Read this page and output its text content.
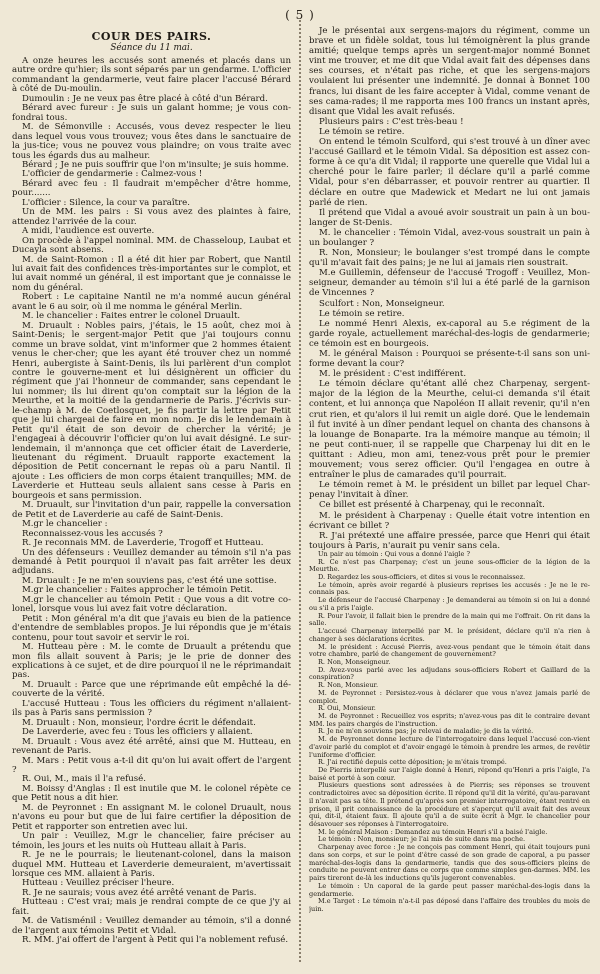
( 5 )
COUR DES PAIRS.
Séance du 11 mai.

A onze heures les accusés sont amenés et placés dans un autre ordre qu'hier; ils sont séparés par un gendarme. L'officier commandant la gendarmerie, veut faire placer l'accusé Bérard à côté de Du-moulin.

Dumoulin : Je ne veux pas être placé à côté d'un Bérard.

Bérard avec fureur : Je suis un galant homme; je vous con-fondrai tous.

M. de Sémonville : Accusés, vous devez respecter le lieu dans lequel vous vous trouvez; vous êtes dans le sanctuaire de la jus-tice; vous ne pouvez vous plaindre; on vous traite avec tous les égards dus au malheur.

Bérard ; Je ne puis souffrir que l'on m'insulte; je suis homme.

L'officier de gendarmerie : Calmez-vous !

Bérard avec feu : Il faudrait m'empêcher d'être homme, pour.......

L'officier : Silence, la cour va paraître.

Un de MM. les pairs : Si vous avez des plaintes à faire, attendez l'arrivée de la cour.

A midi, l'audience est ouverte.

On procède à l'appel nominal. MM. de Chasseloup, Laubat et Ducayla sont absens.

M. de Saint-Romon : Il a été dit hier par Robert, que Nantil lui avait fait des confidences très-importantes sur le complot, et lui avait nommé un général, il est important que je connaisse le nom du général.

Robert : Le capitaine Nantil ne m'a nommé aucun général avant le 6 au soir, où il me nomma le général Merlin.

M. le chancelier : Faites entrer le colonel Druault.

M. Druault : Nobles pairs, j'étais, le 15 août, chez moi à Saint-Denis; le sergent-major Petit que j'ai toujours connu comme un brave soldat, vint m'informer que 2 hommes étaient venus le cher-cher; que les ayant été trouver chez un nommé Henri, aubergiste à Saint-Denis, ils lui parlèrent d'un complot contre le gouverne-ment et lui désignèrent un officier du régiment que j'ai l'honneur de commander, sans cependant le lui nommer; ils lui dirent qu'on comptait sur la légion de la Meurthe, et la moitié de la gendarmerie de Paris. J'écrivis sur-le-champ à M. de Coetlosquet, je fis partir la lettre par Petit que je lui chargeai de faire en mon nom. Je dis le lendemain à Petit qu'il était de son devoir de chercher la vérité; je l'engageai à découvrir l'officier qu'on lui avait désigné. Le sur-lendemain, il m'annonça que cet officier était de Laverderie, lieutenant du régiment. Druault rapporte exactement la déposition de Petit concernant le repas où a paru Nantil. Il ajoute : Les officiers de mon corps étaient tranquilles; MM. de Laverderie et Hutteau seuls allaient sans cesse à Paris en bourgeois et sans permission.

M. Druault, sur l'invitation d'un pair, rappelle la conversation de Petit et de Laverderie au café de Saint-Denis.

M.gr le chancelier :

Reconnaissez-vous les accusés ?

R. Je reconnais MM. de Laverderie, Trogoff et Hutteau.

Un des défenseurs : Veuillez demander au témoin s'il n'a pas demandé à Petit pourquoi il n'avait pas fait arrêter les deux adjudans.

M. Druault : Je ne m'en souviens pas, c'est été une sottise.

M.gr le chancelier : Faites approcher le témoin Petit.

M.gr le chancelier au témoin Petit : Que vous a dit votre co-lonel, lorsque vous lui avez fait votre déclaration.

Petit : Mon général m'a dit que j'avais eu bien de la patience d'entendre de semblables propos. Je lui répondis que je m'étais contenu, pour tout savoir et servir le roi.

M. Hutteau père : M. le comte de Druault a prétendu que mon fils allait souvent à Paris; je le prie de donner des explications à ce sujet, et de dire pourquoi il ne le réprimandait pas.

M. Druault : Parce que une réprimande eût empêché la dé-couverte de la vérité.

L'accusé Hutteau : Tous les officiers du régiment n'allaient-ils pas à Paris sans permission ?

M. Druault : Non, monsieur, l'ordre écrit le défendait.

De Laverderie, avec feu : Tous les officiers y allaient.

M. Druault : Vous avez été arrêté, ainsi que M. Hutteau, en revenant de Paris.

M. Mars : Petit vous a-t-il dit qu'on lui avait offert de l'argent ?

R. Oui, M., mais il l'a refusé.

M. Boissy d'Anglas : Il est inutile que M. le colonel répète ce que Petit nous a dit hier.

M. de Peyronnet : En assignant M. le colonel Druault, nous n'avons eu pour but que de lui faire certifier la déposition de Petit et rapporter son entretien avec lui.

Un pair : Veuillez, M.gr le chancelier, faire préciser au témoin, les jours et les nuits où Hutteau allait à Paris.

R. Je ne le pourrais; le lieutenant-colonel, dans la maison duquel MM. Hutteau et Laverderie demeuraient, m'avertissait lorsque ces MM. allaient à Paris.

Hutteau : Veuillez préciser l'heure.

R. Je ne saurais; vous avez été arrêté venant de Paris.

Hutteau : C'est vrai; mais je rendrai compte de ce que j'y ai fait.

M. de Vatisménil : Veuillez demander au témoin, s'il a donné de l'argent aux témoins Petit et Vidal.

R. MM. j'ai offert de l'argent à Petit qui l'a noblement refusé.

Je le présentai aux sergens-majors du régiment, comme un brave et un fidèle soldat, tous lui témoignèrent la plus grande amitié; quelque temps après un sergent-major nommé Bonnet vint me trouver, et me dit que Vidal avait fait des dépenses dans ses courses, et n'était pas riche, et que les sergens-majors voulaient lui présenter une indemnité. Je donnai à Bonnet 100 francs, lui disant de les faire accepter à Vidal, comme venant de ses cama-rades; il me rapporta mes 100 francs un instant après, disant que Vidal les avait refusés.

Plusieurs pairs : C'est très-beau !

Le témoin se retire.

On entend le témoin Sculford, qui s'est trouvé à un dîner avec l'accusé Gaillard et le témoin Vidal. Sa déposition est assez con-forme à ce qu'a dit Vidal; il rapporte une querelle que Vidal lui a cherché pour le faire parler; il déclare qu'il a parlé comme Vidal, pour s'en débarrasser, et pouvoir rentrer au quartier. Il déclare en outre que Madewick et Medart ne lui ont jamais parlé de rien.

Il prétend que Vidal a avoué avoir soustrait un pain à un bou-langer de St-Denis.

M. le chancelier : Témoin Vidal, avez-vous soustrait un pain à un boulanger ?

R. Non, Monsieur; le boulanger s'est trompé dans le compte qu'il m'avait fait des pains; je ne lui ai jamais rien soustrait.

M.e Guillemin, défenseur de l'accusé Trogoff : Veuillez, Mon-seigneur, demander au témoin s'il lui a été parlé de la garnison de Vincennes ?

Sculfort : Non, Monseigneur.

Le témoin se retire.

Le nommé Henri Alexis, ex-caporal au 5.e régiment de la garde royale, actuellement maréchal-des-logis de gendarmerie; ce témoin est en bourgeois.

M. le général Maison : Pourquoi se présente-t-il sans son uni-forme devant la cour?

M. le président : C'est indifférent.

Le témoin déclare qu'étant allé chez Charpenay, sergent-major de la légion de la Meurthe, celui-ci demanda s'il était content, et lui annonça que Napoléon II allait revenir, qu'il n'en crut rien, et qu'alors il lui remit un aigle doré. Que le lendemain il fut invité à un dîner pendant lequel on chanta des chansons à la louange de Bonaparte. Ira la mémoire manque au témoin; il ne peut conti-nuer, il se rappelle que Charpenay lui dit en le quittant : Adieu, mon ami, tenez-vous prêt pour le premier mouvement; vous serez officier. Qu'il l'engagea en outre à entraîner le plus de camarades qu'il pourrait.

Le témoin remet à M. le président un billet par lequel Char-penay l'invitait à dîner.

Ce billet est présenté à Charpenay, qui le reconnaît.

M. le président à Charpenay : Quelle était votre intention en écrivant ce billet ?

R. J'ai prétexté une affaire pressée, parce que Henri qui était toujours à Paris, n'aurait pu venir sans cela.

Un pair au témoin : Qui vous a donné l'aigle ?

R. Ce n'est pas Charpenay; c'est un jeune sous-officier de la légion de la Meurthe.

D. Regardez les sous-officiers, et dites si vous le reconnaissez.

Le témoin, après avoir regardé à plusieurs reprises les accusés : Je ne le re-connais pas.

Le défenseur de l'accusé Charpenay : Je demanderai au témoin si on lui a donné ou s'il a pris l'aigle.

R. Pour l'avoir, il fallait bien le prendre de la main qui me l'offrait. On rit dans la salle.

L'accusé Charpenay interpellé par M. le président, déclare qu'il n'a rien à changer à ses déclarations écrites.

M. le président : Accusé Pierris, avez-vous pendant que le témoin était dans votre chambre, parlé de changement de gouvernement?

R. Non, Monseigneur.

D. Avez-vous parlé avec les adjudans sous-officiers Robert et Gaillard de la conspiration?

R. Non, Monsieur.

M. de Peyronnet : Persistez-vous à déclarer que vous n'avez jamais parlé de complot.

R. Oui, Monsieur.

M. de Peyronnet : Recueillez vos esprits; n'avez-vous pas dit le contraire devant MM. les pairs chargés de l'instruction.

R. Je ne m'en souviens pas; je relevai de maladie; je dis la vérité.

M. de Peyronnet donne lecture de l'interrogatoire dans lequel l'accusé con-vient d'avoir parlé du complot et d'avoir engagé le témoin à prendre les armes, de revêtir l'uniforme d'officier.

R. J'ai rectifié depuis cette déposition; je m'étais trompé.

De Pierris interpellé sur l'aigle donné à Henri, répond qu'Henri a pris l'aigle, l'a baisé et porté à son cœur.

Plusieurs questions sont adressées à de Pierris; ses réponses se trouvent contradictoires avec sa déposition écrite. Il répond qu'il dit la vérité, qu'au-paravant il n'avait pas sa tête. Il prétend qu'après son premier interrogatoire, étant rentré en prison, il prit connaissance de la procédure et s'aperçut qu'il avait fait des aveux qui, dit-il, étaient faux. Il ajoute qu'il a de suite écrit à Mgr. le chancelier pour désavouer ses réponses à l'interrogatoire.

M. le général Maison : Demandez au témoin Henri s'il a baisé l'aigle.

Le témoin : Non, monsieur; je l'ai mis de suite dans ma poche.

Charpenay avec force : Je ne conçois pas comment Henri, qui était toujours puni dans son corps, et sur le point d'être cassé de son grade de caporal, a pu passer maréchal-des-logis dans la gendarmerie, tandis que des sous-officiers pleins de conduite ne peuvent entrer dans ce corps que comme simples gen-darmes. MM. les pairs tireront de-là les inductions qu'ils jugeront convenables.

Le témoin : Un caporal de la garde peut passer maréchal-des-logis dans la gendarmerie.

M.e Target : Le témoin n'a-t-il pas déposé dans l'affaire des troubles du mois de juin.
